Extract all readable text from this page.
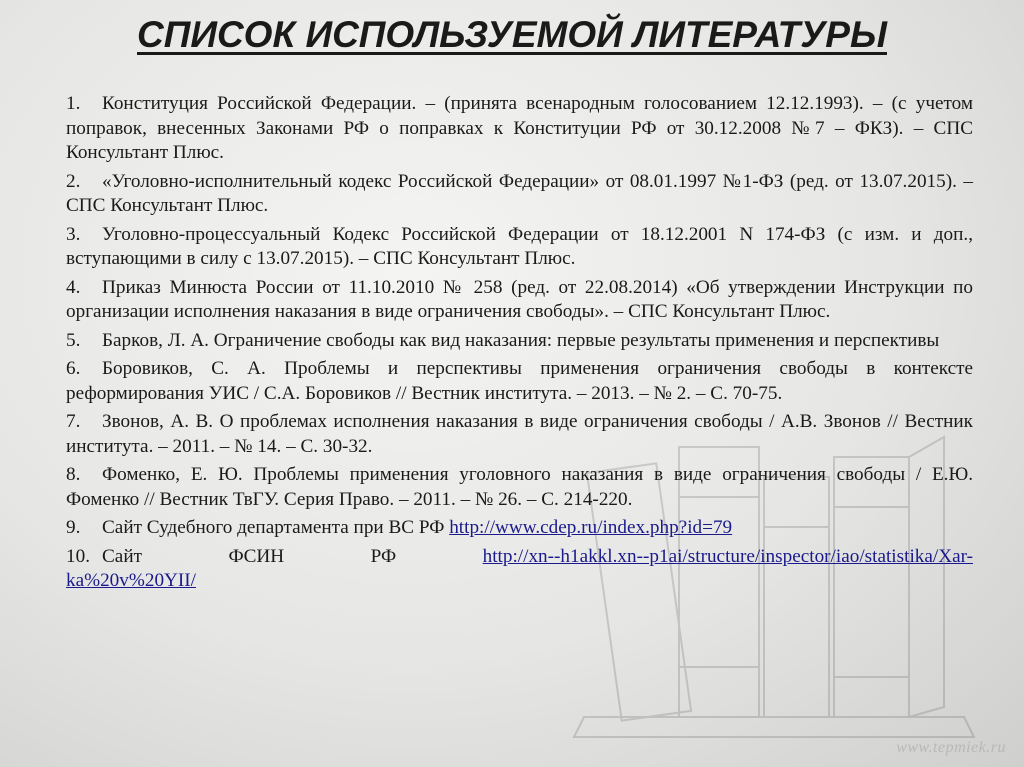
СПИСОК ИСПОЛЬЗУЕМОЙ ЛИТЕРАТУРЫ
1. Конституция Российской Федерации. – (принята всенародным голосованием 12.12.1993). – (с учетом поправок, внесенных Законами РФ о поправках к Конституции РФ от 30.12.2008 №7 – ФКЗ). – СПС Консультант Плюс.
2. «Уголовно-исполнительный кодекс Российской Федерации» от 08.01.1997 №1-ФЗ (ред. от 13.07.2015). – СПС Консультант Плюс.
3. Уголовно-процессуальный Кодекс Российской Федерации от 18.12.2001 N 174-ФЗ (с изм. и доп., вступающими в силу с 13.07.2015). – СПС Консультант Плюс.
4. Приказ Минюста России от 11.10.2010 № 258 (ред. от 22.08.2014) «Об утверждении Инструкции по организации исполнения наказания в виде ограничения свободы». – СПС Консультант Плюс.
5. Барков, Л. А. Ограничение свободы как вид наказания: первые результаты применения и перспективы
6. Боровиков, С. А. Проблемы и перспективы применения ограничения свободы в контексте реформирования УИС / С.А. Боровиков // Вестник института. – 2013. – № 2. – С. 70-75.
7. Звонов, А. В. О проблемах исполнения наказания в виде ограничения свободы / А.В. Звонов // Вестник института. – 2011. – № 14. – С. 30-32.
8. Фоменко, Е. Ю. Проблемы применения уголовного наказания в виде ограничения свободы / Е.Ю. Фоменко // Вестник ТвГУ. Серия Право. – 2011. – № 26. – С. 214-220.
9. Сайт Судебного департамента при ВС РФ http://www.cdep.ru/index.php?id=79
10. Сайт	ФСИН	РФ	http://xn--h1akkl.xn--p1ai/structure/inspector/iao/statistika/Xar-
ka%20v%20YII/
www.tepmiek.ru
